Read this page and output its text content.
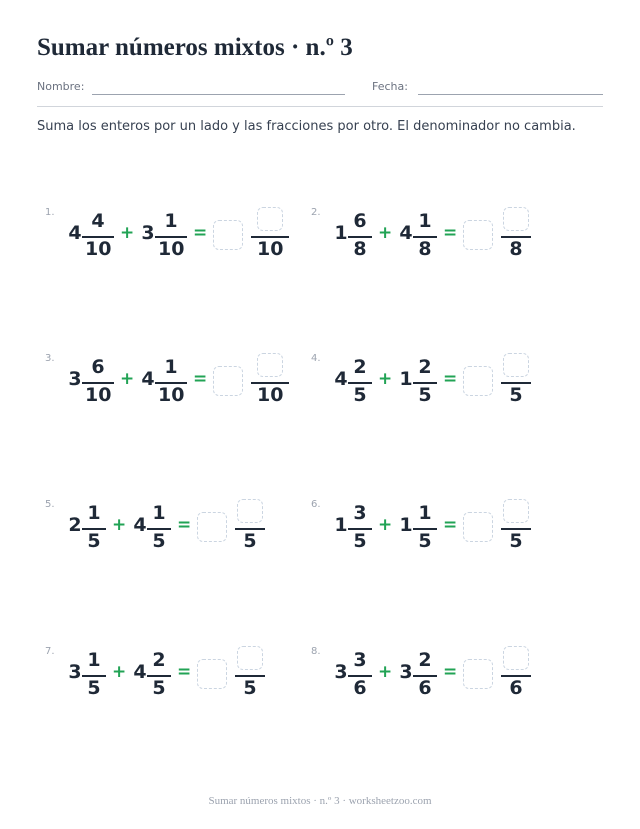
Sumar números mixtos · n.º 3
Nombre:	Fecha:
Suma los enteros por un lado y las fracciones por otro. El denominador no cambia.
1.
4
4
10
+ 3
1
10
=
10
2.
1
6
8
+ 4
1
8
=
8
3.
3
6
10
+ 4
1
10
=
10
4.
4
2
5
+ 1
2
5
=
5
5.
2
1
5
+ 4
1
5
=
5
6.
1
3
5
+ 1
1
5
=
5
7.
3
1
5
+ 4
2
5
=
5
8.
3
3
6
+ 3
2
6
=
6
Sumar números mixtos · n.º 3 · worksheetzoo.com
